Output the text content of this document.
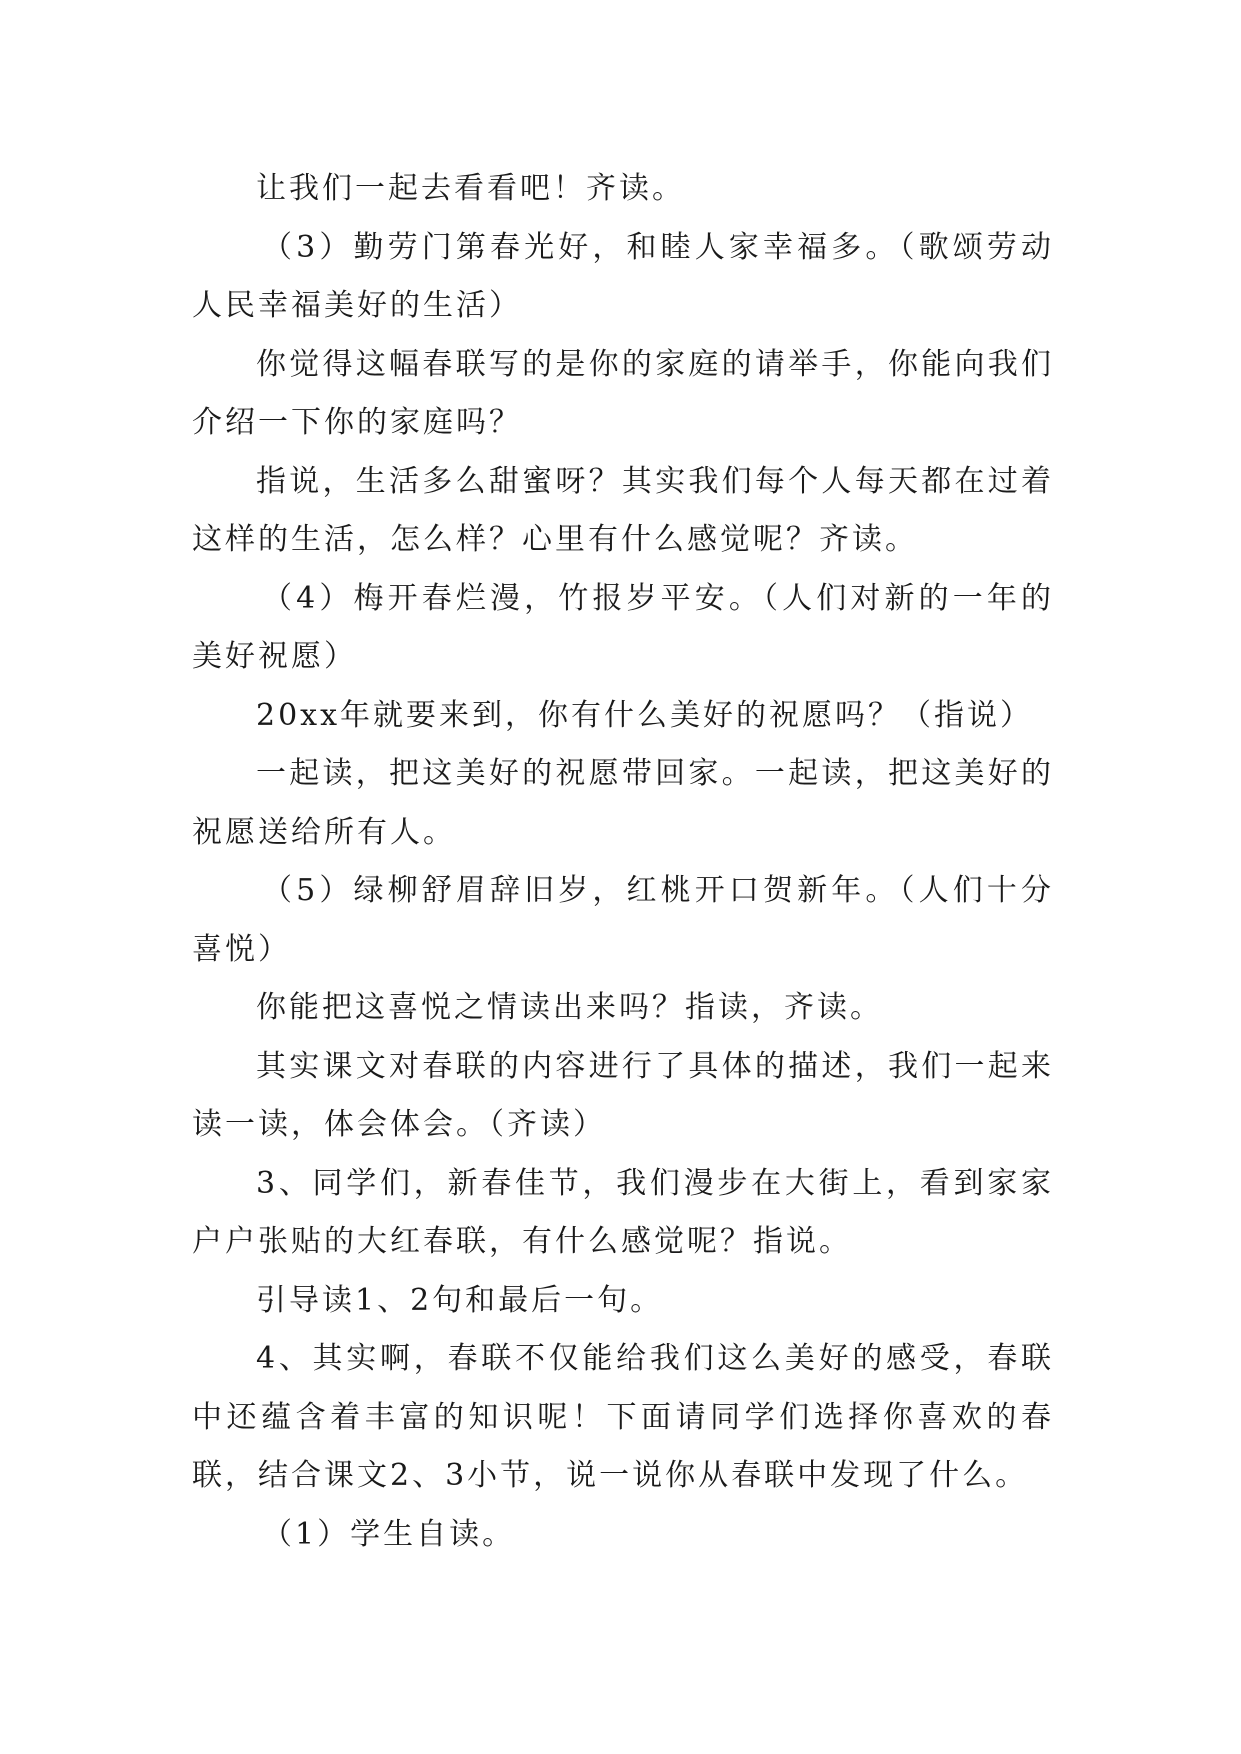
让我们一起去看看吧！齐读。

（3）勤劳门第春光好，和睦人家幸福多。（歌颂劳动人民幸福美好的生活）

你觉得这幅春联写的是你的家庭的请举手，你能向我们介绍一下你的家庭吗？

指说，生活多么甜蜜呀？其实我们每个人每天都在过着这样的生活，怎么样？心里有什么感觉呢？齐读。

（4）梅开春烂漫，竹报岁平安。（人们对新的一年的美好祝愿）

20xx年就要来到，你有什么美好的祝愿吗？（指说）

一起读，把这美好的祝愿带回家。一起读，把这美好的祝愿送给所有人。

（5）绿柳舒眉辞旧岁，红桃开口贺新年。（人们十分喜悦）

你能把这喜悦之情读出来吗？指读，齐读。

其实课文对春联的内容进行了具体的描述，我们一起来读一读，体会体会。（齐读）

3、同学们，新春佳节，我们漫步在大街上，看到家家户户张贴的大红春联，有什么感觉呢？指说。

引导读1、2句和最后一句。

4、其实啊，春联不仅能给我们这么美好的感受，春联中还蕴含着丰富的知识呢！下面请同学们选择你喜欢的春联，结合课文2、3小节，说一说你从春联中发现了什么。

（1）学生自读。
